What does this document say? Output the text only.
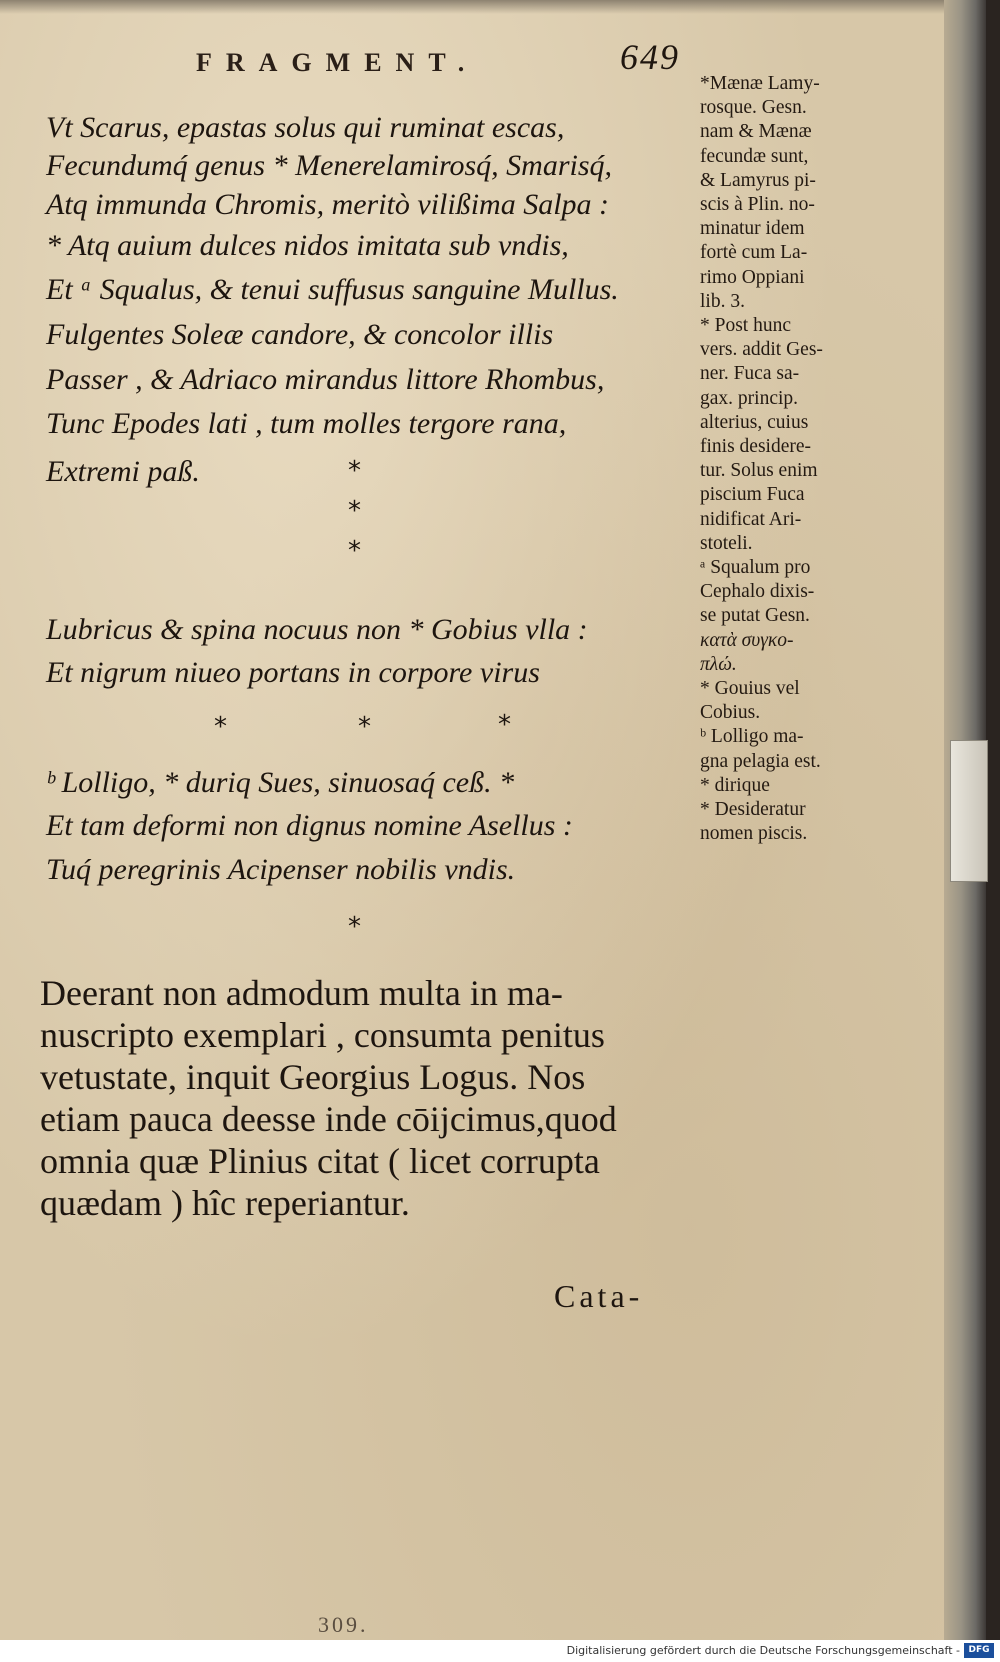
FRAGMENT.	649
Vt Scarus, epastas solus qui ruminat escas,
Fecundumq́ genus * Menerelamirosq́, Smarisq́,
Atq immunda Chromis, meritò vilißima Salpa :
* Atq auium dulces nidos imitata sub vndis,
Et ᵃ Squalus, & tenui suffusus sanguine Mullus.
Fulgentes Soleæ candore, & concolor illis
Passer , & Adriaco mirandus littore Rhombus,
Tunc Epodes lati , tum molles tergore rana,
Extremi paß.	*
*
*
Lubricus & spina nocuus non * Gobius vlla :
Et nigrum niueo portans in corpore virus
*	*	*
ᵇ Lolligo, * duriq Sues, sinuosaq́ ceß. *
Et tam deformi non dignus nomine Asellus :
Tuq́ peregrinis Acipenser nobilis vndis.
*
*Mænæ Lamy-
rosque. Gesn.
nam & Mænæ
fecundæ sunt,
& Lamyrus pi-
scis à Plin. no-
minatur idem
fortè cum La-
rimo Oppiani
lib. 3.
* Post hunc
vers. addit Ges-
ner. Fuca sa-
gax. princip.
alterius, cuius
finis desidere-
tur. Solus enim
piscium Fuca
nidificat Ari-
stoteli.
ᵃ Squalum pro
Cephalo dixis-
se putat Gesn.
κατὰ συγκο-
πλώ.
* Gouius vel
Cobius.
ᵇ Lolligo ma-
gna pelagia est.
* dirique
* Desideratur
nomen piscis.
Deerant non admodum multa in ma-
nuscripto exemplari , consumta penitus
vetustate, inquit Georgius Logus. Nos
etiam pauca deesse inde cōijcimus,quod
omnia quæ Plinius citat ( licet corrupta
quædam ) hîc reperiantur.
Cata-
309.
Digitalisierung gefördert durch die Deutsche Forschungsgemeinschaft - DFG
